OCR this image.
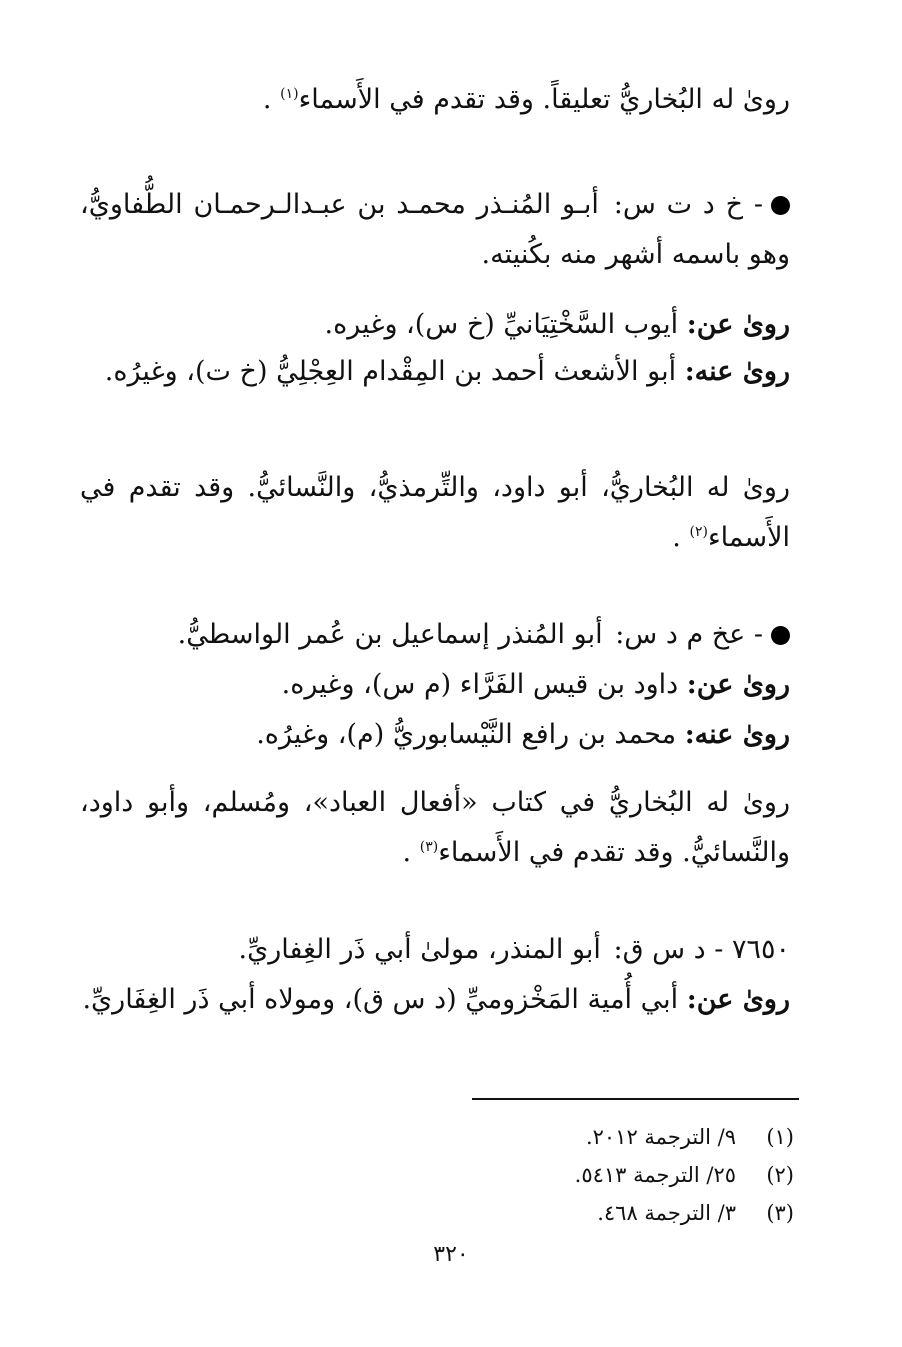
روىٰ له البُخاريُّ تعليقاً. وقد تقدم في الأَسماء$^{(١)}$ .
- خ د ت س: أبـو المُنـذر محمـد بن عبـدالـرحمـان الطُّفاويُّ، وهو باسمه أشهر منه بكُنيته.
روىٰ عن: أيوب السَّخْتِيَانيِّ (خ س)، وغيره.
روىٰ عنه: أبو الأشعث أحمد بن المِقْدام العِجْلِيُّ (خ ت)، وغيرُه.
روىٰ له البُخاريُّ، أبو داود، والتِّرمذيُّ، والنَّسائيُّ. وقد تقدم في الأَسماء$^{(٢)}$ .
- عخ م د س: أبو المُنذر إسماعيل بن عُمر الواسطيُّ.
روىٰ عن: داود بن قيس الفَرَّاء (م س)، وغيره.
روىٰ عنه: محمد بن رافع النَّيْسابوريُّ (م)، وغيرُه.
روىٰ له البُخاريُّ في كتاب «أفعال العباد»، ومُسلم، وأبو داود، والنَّسائيُّ. وقد تقدم في الأَسماء$^{(٣)}$ .
٧٦٥٠ - د س ق: أبو المنذر، مولىٰ أبي ذَر الغِفاريِّ.
روىٰ عن: أبي أُمية المَخْزوميِّ (د س ق)، ومولاه أبي ذَر الغِفَاريِّ.
(١)٩/ الترجمة ٢٠١٢.
(٢)٢٥/ الترجمة ٥٤١٣.
(٣)٣/ الترجمة ٤٦٨.
٣٢٠
